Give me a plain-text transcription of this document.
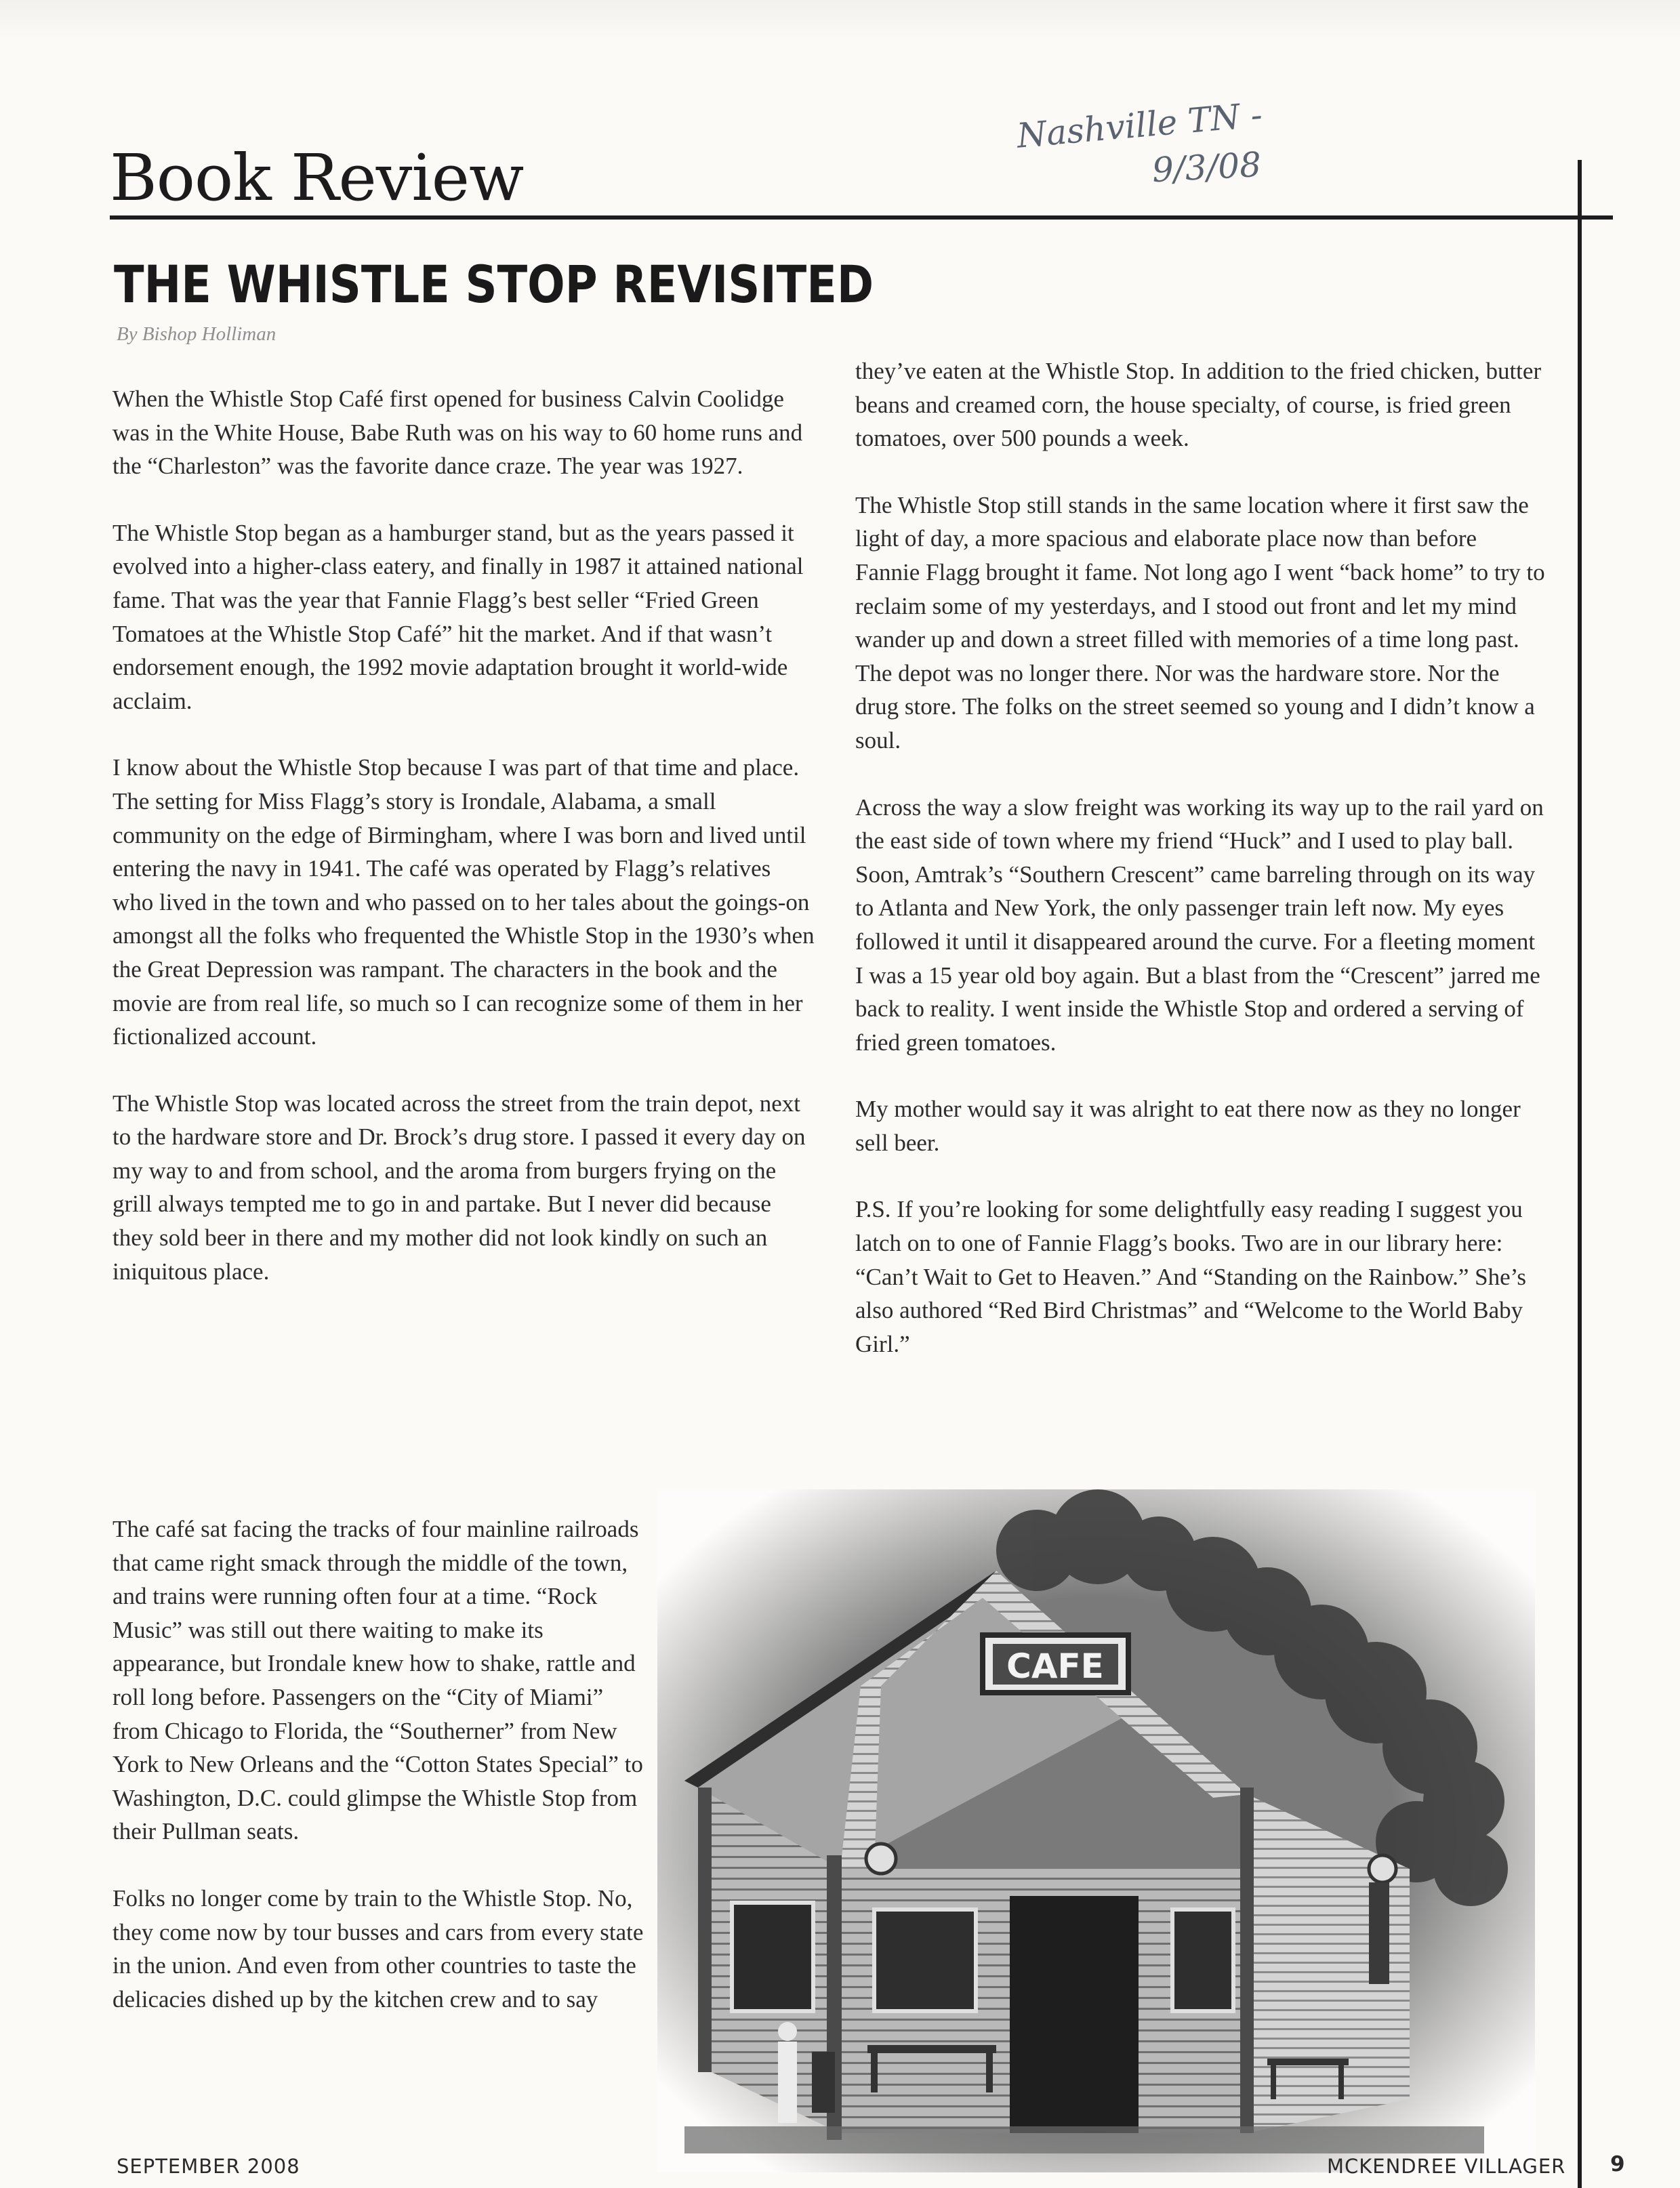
Nashville TN -
9/3/08
Book Review
THE WHISTLE STOP REVISITED
By Bishop Holliman

When the Whistle Stop Café first opened for business Calvin Coolidge was in the White House, Babe Ruth was on his way to 60 home runs and the “Charleston” was the favorite dance craze. The year was 1927.

The Whistle Stop began as a hamburger stand, but as the years passed it evolved into a higher-class eatery, and finally in 1987 it attained national fame. That was the year that Fannie Flagg’s best seller “Fried Green Tomatoes at the Whistle Stop Café” hit the market. And if that wasn’t endorsement enough, the 1992 movie adaptation brought it world-wide acclaim.

I know about the Whistle Stop because I was part of that time and place. The setting for Miss Flagg’s story is Irondale, Alabama, a small community on the edge of Birmingham, where I was born and lived until entering the navy in 1941. The café was operated by Flagg’s relatives who lived in the town and who passed on to her tales about the goings-on amongst all the folks who frequented the Whistle Stop in the 1930’s when the Great Depression was rampant. The characters in the book and the movie are from real life, so much so I can recognize some of them in her fictionalized account.

The Whistle Stop was located across the street from the train depot, next to the hardware store and Dr. Brock’s drug store. I passed it every day on my way to and from school, and the aroma from burgers frying on the grill always tempted me to go in and partake. But I never did because they sold beer in there and my mother did not look kindly on such an iniquitous place.

The café sat facing the tracks of four mainline railroads that came right smack through the middle of the town, and trains were running often four at a time. “Rock Music” was still out there waiting to make its appearance, but Irondale knew how to shake, rattle and roll long before. Passengers on the “City of Miami” from Chicago to Florida, the “Southerner” from New York to New Orleans and the “Cotton States Special” to Washington, D.C. could glimpse the Whistle Stop from their Pullman seats.

Folks no longer come by train to the Whistle Stop. No, they come now by tour busses and cars from every state in the union. And even from other countries to taste the delicacies dished up by the kitchen crew and to say

they’ve eaten at the Whistle Stop. In addition to the fried chicken, butter beans and creamed corn, the house specialty, of course, is fried green tomatoes, over 500 pounds a week.

The Whistle Stop still stands in the same location where it first saw the light of day, a more spacious and elaborate place now than before Fannie Flagg brought it fame. Not long ago I went “back home” to try to reclaim some of my yesterdays, and I stood out front and let my mind wander up and down a street filled with memories of a time long past. The depot was no longer there. Nor was the hardware store. Nor the drug store. The folks on the street seemed so young and I didn’t know a soul.

Across the way a slow freight was working its way up to the rail yard on the east side of town where my friend “Huck” and I used to play ball. Soon, Amtrak’s “Southern Crescent” came barreling through on its way to Atlanta and New York, the only passenger train left now. My eyes followed it until it disappeared around the curve. For a fleeting moment I was a 15 year old boy again. But a blast from the “Crescent” jarred me back to reality. I went inside the Whistle Stop and ordered a serving of fried green tomatoes.

My mother would say it was alright to eat there now as they no longer sell beer.

P.S. If you’re looking for some delightfully easy reading I suggest you latch on to one of Fannie Flagg’s books. Two are in our library here: “Can’t Wait to Get to Heaven.” And “Standing on the Rainbow.” She’s also authored “Red Bird Christmas” and “Welcome to the World Baby Girl.”

CAFE
SEPTEMBER 2008	MCKENDREE VILLAGER 9
